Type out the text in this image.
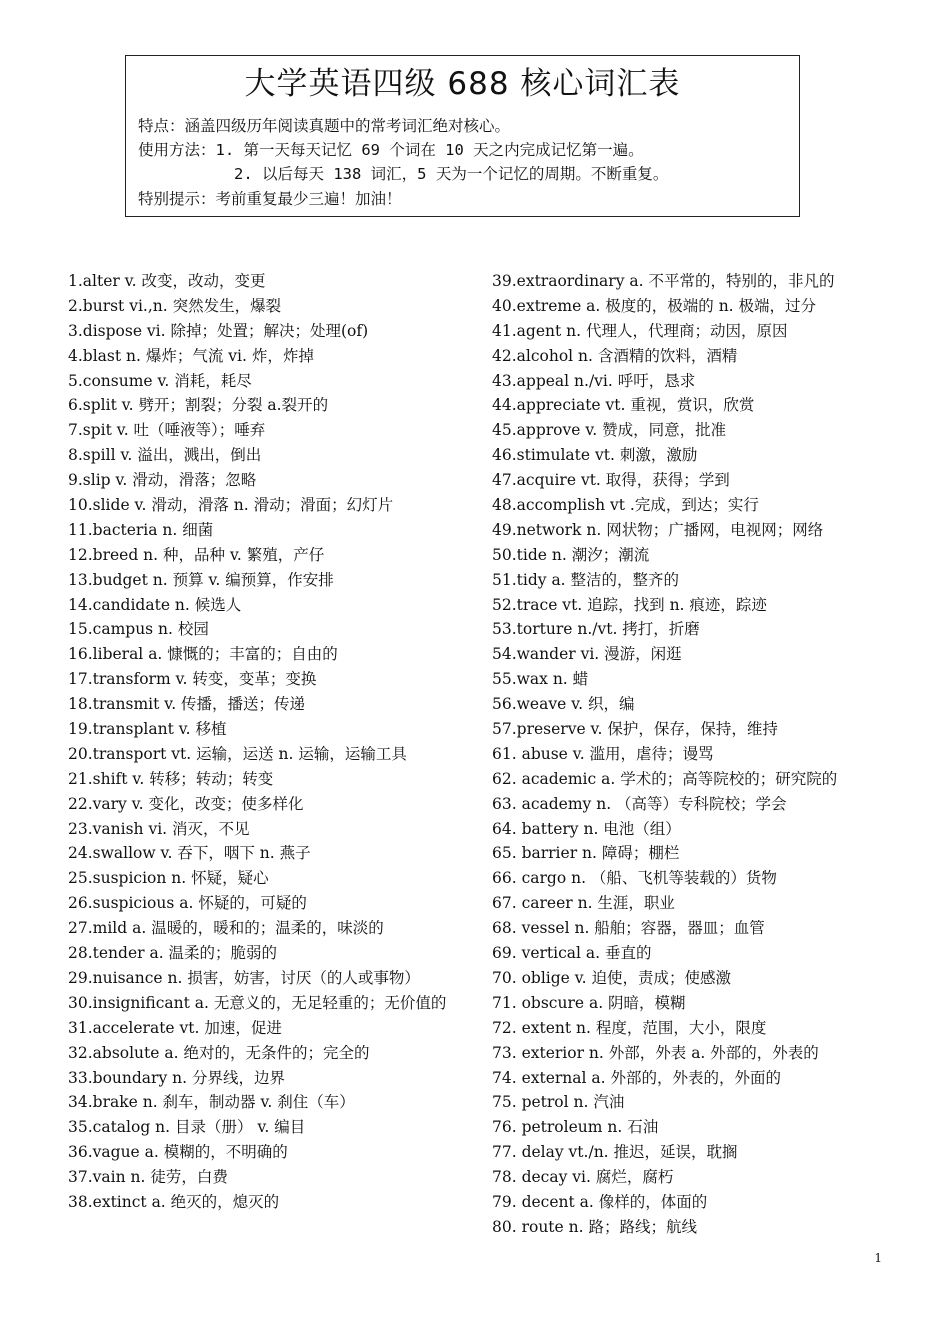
大学英语四级 688 核心词汇表
特点：涵盖四级历年阅读真题中的常考词汇绝对核心。
使用方法：1. 第一天每天记忆 69 个词在 10 天之内完成记忆第一遍。
2. 以后每天 138 词汇，5 天为一个记忆的周期。不断重复。
特别提示：考前重复最少三遍！加油！
1.alter v. 改变，改动，变更
2.burst vi.,n. 突然发生，爆裂
3.dispose vi. 除掉；处置；解决；处理(of)
4.blast n. 爆炸；气流 vi. 炸，炸掉
5.consume v. 消耗，耗尽
6.split v. 劈开；割裂；分裂 a.裂开的
7.spit v. 吐（唾液等）；唾弃
8.spill v. 溢出，溅出，倒出
9.slip v. 滑动，滑落；忽略
10.slide v. 滑动，滑落 n. 滑动；滑面；幻灯片
11.bacteria n. 细菌
12.breed n. 种，品种 v. 繁殖，产仔
13.budget n. 预算 v. 编预算，作安排
14.candidate n. 候选人
15.campus n. 校园
16.liberal a. 慷慨的；丰富的；自由的
17.transform v. 转变，变革；变换
18.transmit v. 传播，播送；传递
19.transplant v. 移植
20.transport vt. 运输，运送 n. 运输，运输工具
21.shift v. 转移；转动；转变
22.vary v. 变化，改变；使多样化
23.vanish vi. 消灭，不见
24.swallow v. 吞下，咽下 n. 燕子
25.suspicion n. 怀疑，疑心
26.suspicious a. 怀疑的，可疑的
27.mild a. 温暖的，暖和的；温柔的，味淡的
28.tender a. 温柔的；脆弱的
29.nuisance n. 损害，妨害，讨厌（的人或事物）
30.insignificant a. 无意义的，无足轻重的；无价值的
31.accelerate vt. 加速，促进
32.absolute a. 绝对的，无条件的；完全的
33.boundary n. 分界线，边界
34.brake n. 刹车，制动器 v. 刹住（车）
35.catalog n. 目录（册） v. 编目
36.vague a. 模糊的，不明确的
37.vain n. 徒劳，白费
38.extinct a. 绝灭的，熄灭的
39.extraordinary a. 不平常的，特别的，非凡的
40.extreme a. 极度的，极端的 n. 极端，过分
41.agent n. 代理人，代理商；动因，原因
42.alcohol n. 含酒精的饮料，酒精
43.appeal n./vi. 呼吁，恳求
44.appreciate vt. 重视，赏识，欣赏
45.approve v. 赞成，同意，批准
46.stimulate vt. 刺激，激励
47.acquire vt. 取得，获得；学到
48.accomplish vt .完成，到达；实行
49.network n. 网状物；广播网，电视网；网络
50.tide n. 潮汐；潮流
51.tidy a. 整洁的，整齐的
52.trace vt. 追踪，找到 n. 痕迹，踪迹
53.torture n./vt. 拷打，折磨
54.wander vi. 漫游，闲逛
55.wax n. 蜡
56.weave v. 织，编
57.preserve v. 保护，保存，保持，维持
61. abuse v. 滥用，虐待；谩骂
62. academic a. 学术的；高等院校的；研究院的
63. academy n. （高等）专科院校；学会
64. battery n. 电池（组）
65. barrier n. 障碍；棚栏
66. cargo n. （船、飞机等装载的）货物
67. career n. 生涯，职业
68. vessel n. 船舶；容器，器皿；血管
69. vertical a. 垂直的
70. oblige v. 迫使，责成；使感激
71. obscure a. 阴暗，模糊
72. extent n. 程度，范围，大小，限度
73. exterior n. 外部，外表 a. 外部的，外表的
74. external a. 外部的，外表的，外面的
75. petrol n. 汽油
76. petroleum n. 石油
77. delay vt./n. 推迟，延误，耽搁
78. decay vi. 腐烂，腐朽
79. decent a. 像样的，体面的
80. route n. 路；路线；航线
1
